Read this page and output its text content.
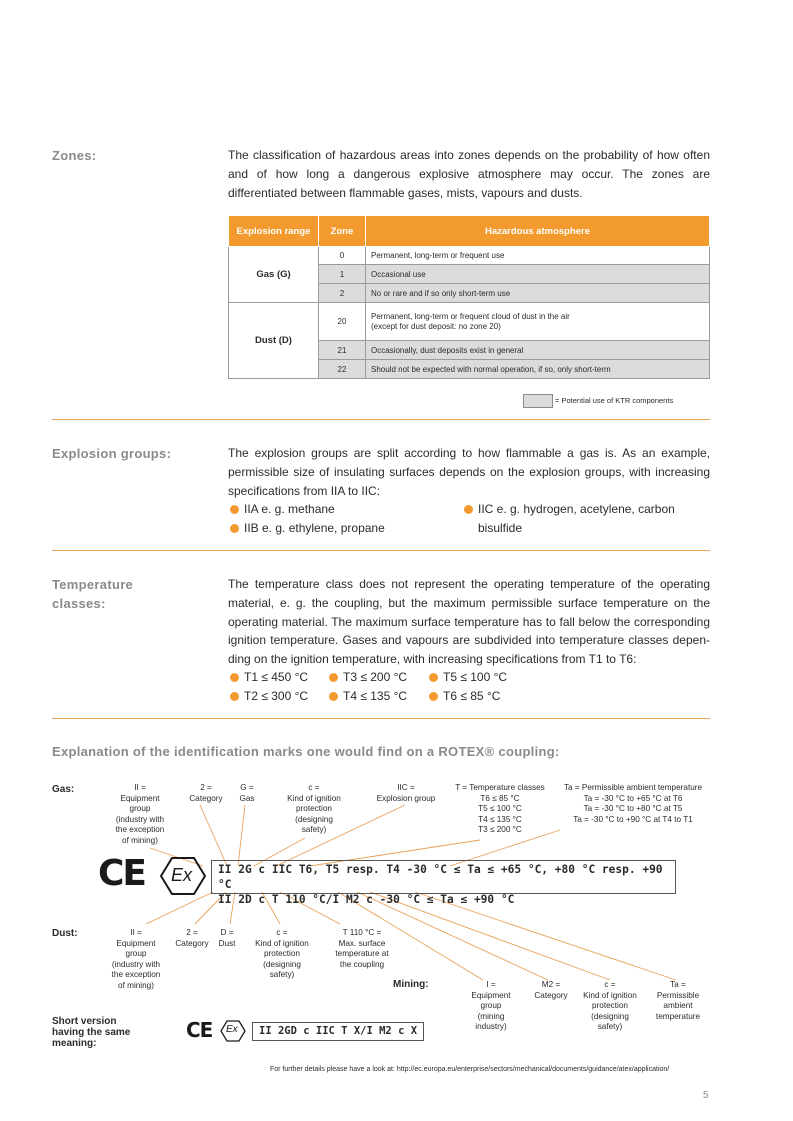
Zones:	The classification of hazardous areas into zones depends on the probability of how often and of how long a dangerous explosive atmosphere may occur. The zones are differentiated between flammable gases, mists, vapours and dusts.
Explosion range	Zone	Hazardous atmosphere
Gas (G)	0	Permanent, long-term or frequent use
	1	Occasional use
	2	No or rare and if so only short-term use
Dust (D)	20	Permanent, long-term or frequent cloud of dust in the air
(except for dust deposit: no zone 20)

	21	Occasionally, dust deposits exist in general
	22	Should not be expected with normal operation, if so, only short-term
= Potential use of KTR components
Explosion groups:	The explosion groups are split according to how flammable a gas is. As an example, permissible size of insulating surfaces depends on the explosion groups, with increasing specifications from IIA to IIC:
IIA e. g. methane
IIB e. g. ethylene, propane
IIC e. g. hydrogen, acetylene, carbon
bisulfide
Temperature
classes:
The temperature class does not represent the operating temperature of the operating material, e. g. the coupling, but the maximum permissible surface temperature on the operating material. The maximum surface temperature has to fall below the corresponding ignition temperature. Gases and vapours are subdivided into temperature classes depen-
ding on the ignition temperature, with increasing specifications from T1 to T6:
T1 ≤ 450 °C	T3 ≤ 200 °C	T5 ≤ 100 °C
T2 ≤ 300 °C	T4 ≤ 135 °C	T6 ≤ 85 °C
Explanation of the identification marks one would find on a ROTEX® coupling:
Gas:
Dust:
Mining:
Short version
having the same
meaning:
II =
Equipment
group
(industry with
the exception
of mining)
2 =
Category
G =
Gas
c =
Kind of ignition
protection
(designing
safety)
IIC =
Explosion group
T = Temperature classes
T6 ≤ 85 °C
T5 ≤ 100 °C
T4 ≤ 135 °C
T3 ≤ 200 °C
Ta = Permissible ambient temperature
Ta = -30 °C to +65 °C at T6
Ta = -30 °C to +80 °C at T5
Ta = -30 °C to +90 °C at T4 to T1
CE Ex II 2G c IIC T6, T5 resp. T4 -30 °C ≤ Ta ≤ +65 °C, +80 °C resp. +90 °C
II 2D c T 110 °C/I M2 c -30 °C ≤ Ta ≤ +90 °C
II =
Equipment
group
(industry with
the exception
of mining)
2 =
Category
D =
Dust
c =
Kind of ignition
protection
(designing
safety)
T 110 °C =
Max. surface
temperature at
the coupling
I =
Equipment
group
(mining
industry)
M2 =
Category
c =
Kind of ignition
protection
(designing
safety)
Ta =
Permissible
ambient
temperature
CE Ex	II 2GD c IIC T X/I M2 c X
For further details please have a look at: http://ec.europa.eu/enterprise/sectors/mechanical/documents/guidance/atex/application/
5
